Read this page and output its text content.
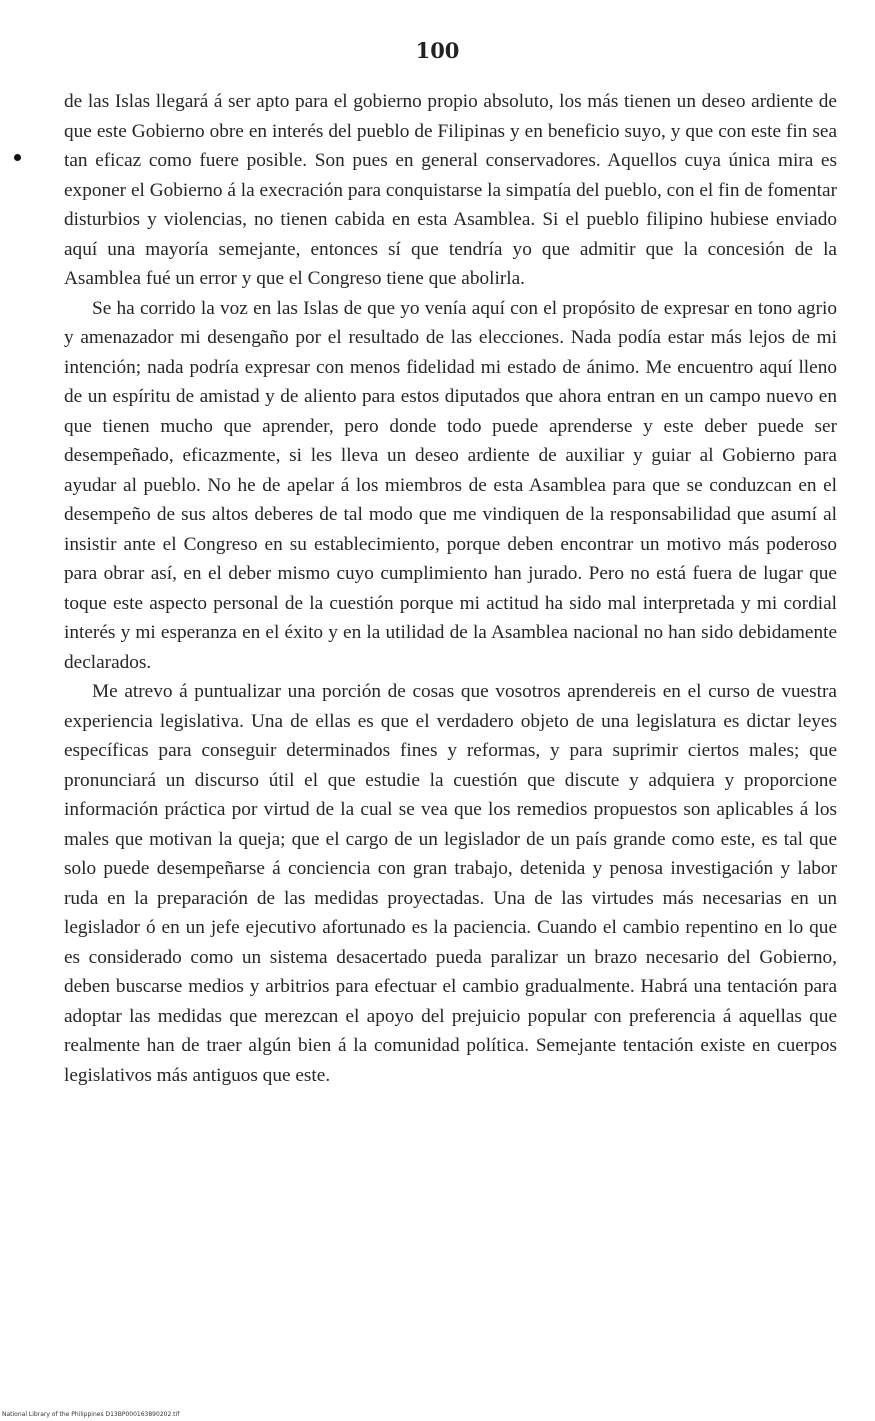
100

de las Islas llegará á ser apto para el gobierno propio absoluto, los más tienen un deseo ardiente de que este Gobierno obre en interés del pueblo de Filipinas y en beneficio suyo, y que con este fin sea tan eficaz como fuere posible. Son pues en general conservadores. Aquellos cuya única mira es exponer el Gobierno á la execración para conquistarse la simpatía del pueblo, con el fin de fomentar disturbios y violencias, no tienen cabida en esta Asamblea. Si el pueblo filipino hubiese enviado aquí una mayoría semejante, entonces sí que tendría yo que admitir que la concesión de la Asamblea fué un error y que el Congreso tiene que abolirla.

Se ha corrido la voz en las Islas de que yo venía aquí con el propósito de expresar en tono agrio y amenazador mi desengaño por el resultado de las elecciones. Nada podía estar más lejos de mi intención; nada podría expresar con menos fidelidad mi estado de ánimo. Me encuentro aquí lleno de un espíritu de amistad y de aliento para estos diputados que ahora entran en un campo nuevo en que tienen mucho que aprender, pero donde todo puede aprenderse y este deber puede ser desempeñado, eficazmente, si les lleva un deseo ardiente de auxiliar y guiar al Gobierno para ayudar al pueblo. No he de apelar á los miembros de esta Asamblea para que se conduzcan en el desempeño de sus altos deberes de tal modo que me vindiquen de la responsabilidad que asumí al insistir ante el Congreso en su establecimiento, porque deben encontrar un motivo más poderoso para obrar así, en el deber mismo cuyo cumplimiento han jurado. Pero no está fuera de lugar que toque este aspecto personal de la cuestión porque mi actitud ha sido mal interpretada y mi cordial interés y mi esperanza en el éxito y en la utilidad de la Asamblea nacional no han sido debidamente declarados.

Me atrevo á puntualizar una porción de cosas que vosotros aprendereis en el curso de vuestra experiencia legislativa. Una de ellas es que el verdadero objeto de una legislatura es dictar leyes específicas para conseguir determinados fines y reformas, y para suprimir ciertos males; que pronunciará un discurso útil el que estudie la cuestión que discute y adquiera y proporcione información práctica por virtud de la cual se vea que los remedios propuestos son aplicables á los males que motivan la queja; que el cargo de un legislador de un país grande como este, es tal que solo puede desempeñarse á conciencia con gran trabajo, detenida y penosa investigación y labor ruda en la preparación de las medidas proyectadas. Una de las virtudes más necesarias en un legislador ó en un jefe ejecutivo afortunado es la paciencia. Cuando el cambio repentino en lo que es considerado como un sistema desacertado pueda paralizar un brazo necesario del Gobierno, deben buscarse medios y arbitrios para efectuar el cambio gradualmente. Habrá una tentación para adoptar las medidas que merezcan el apoyo del prejuicio popular con preferencia á aquellas que realmente han de traer algún bien á la comunidad política. Semejante tentación existe en cuerpos legislativos más antiguos que este.

National Library of the Philippines D13BP000163890202.tif
